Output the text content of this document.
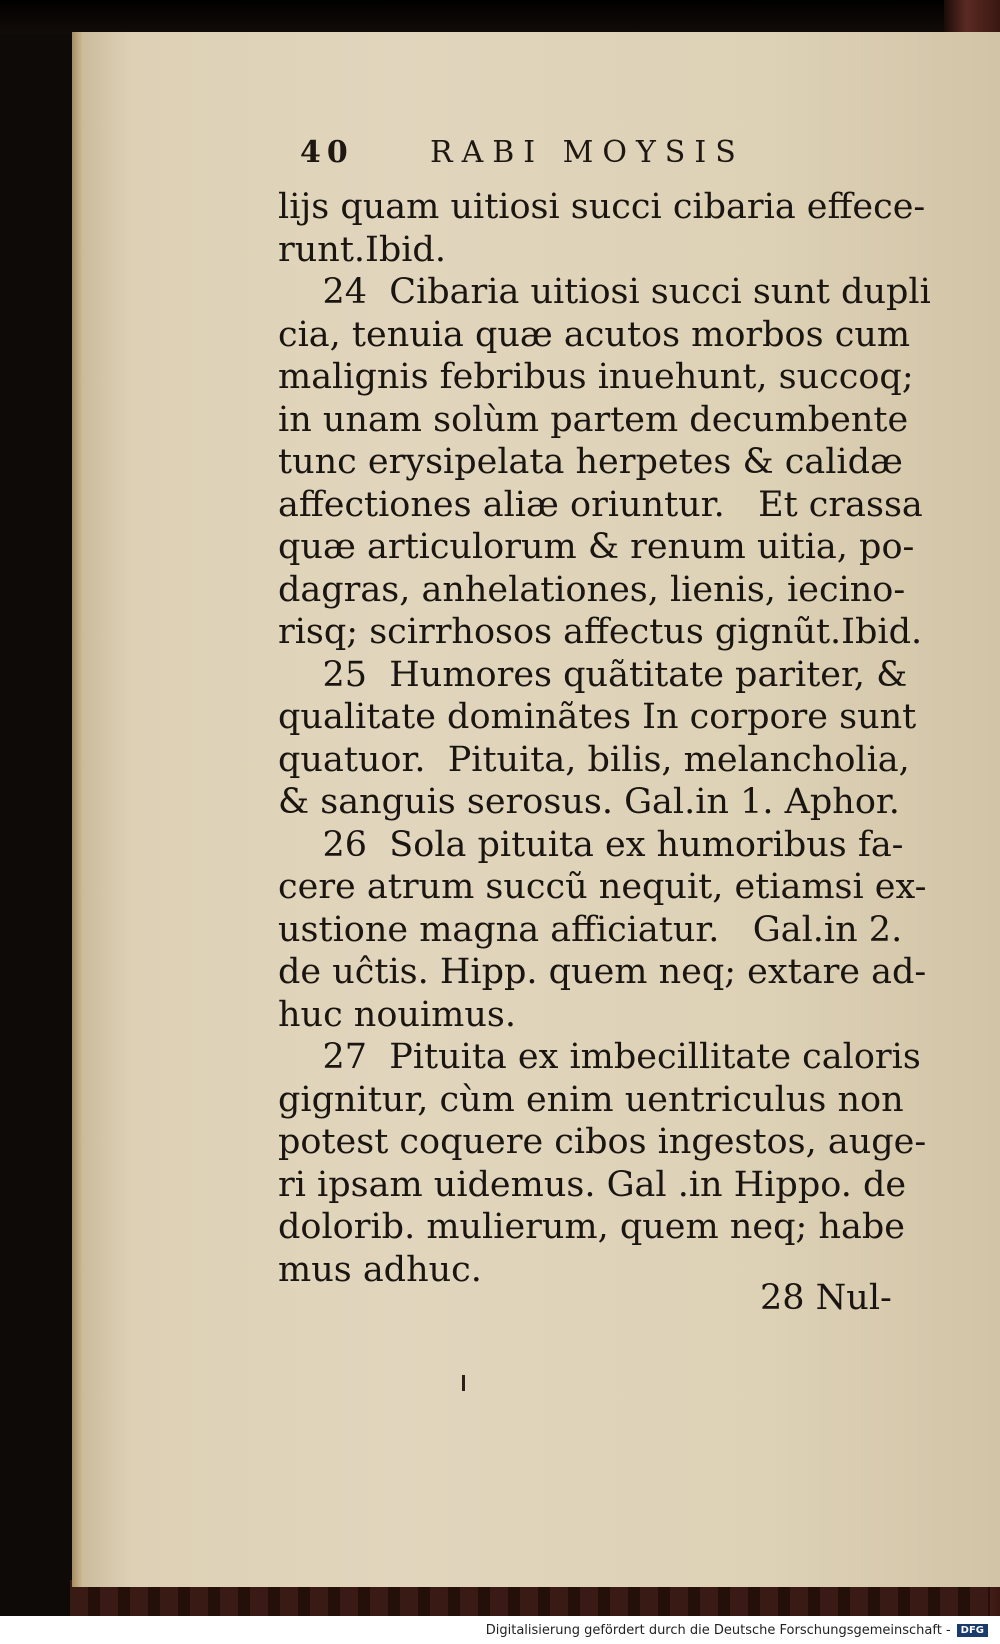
40	RABI MOYSIS
lijs quam uitiosi succi cibaria effece-
runt.Ibid.
24  Cibaria uitiosi succi sunt dupli
cia, tenuia quæ acutos morbos cum
malignis febribus inuehunt, succoq;
in unam solùm partem decumbente
tunc erysipelata herpetes & calidæ
affectiones aliæ oriuntur.   Et crassa
quæ articulorum & renum uitia, po-
dagras, anhelationes, lienis, iecino-
risq; scirrhosos affectus gignũt.Ibid.
25  Humores quãtitate pariter, &
qualitate dominãtes In corpore sunt
quatuor.  Pituita, bilis, melancholia,
& sanguis serosus. Gal.in 1. Aphor.
26  Sola pituita ex humoribus fa-
cere atrum succũ nequit, etiamsi ex-
ustione magna afficiatur.   Gal.in 2.
de uĉtis. Hipp. quem neq; extare ad-
huc nouimus.
27  Pituita ex imbecillitate caloris
gignitur, cùm enim uentriculus non
potest coquere cibos ingestos, auge-
ri ipsam uidemus. Gal .in Hippo. de
dolorib. mulierum, quem neq; habe
mus adhuc.
28 Nul-
Digitalisierung gefördert durch die Deutsche Forschungsgemeinschaft -	DFG
